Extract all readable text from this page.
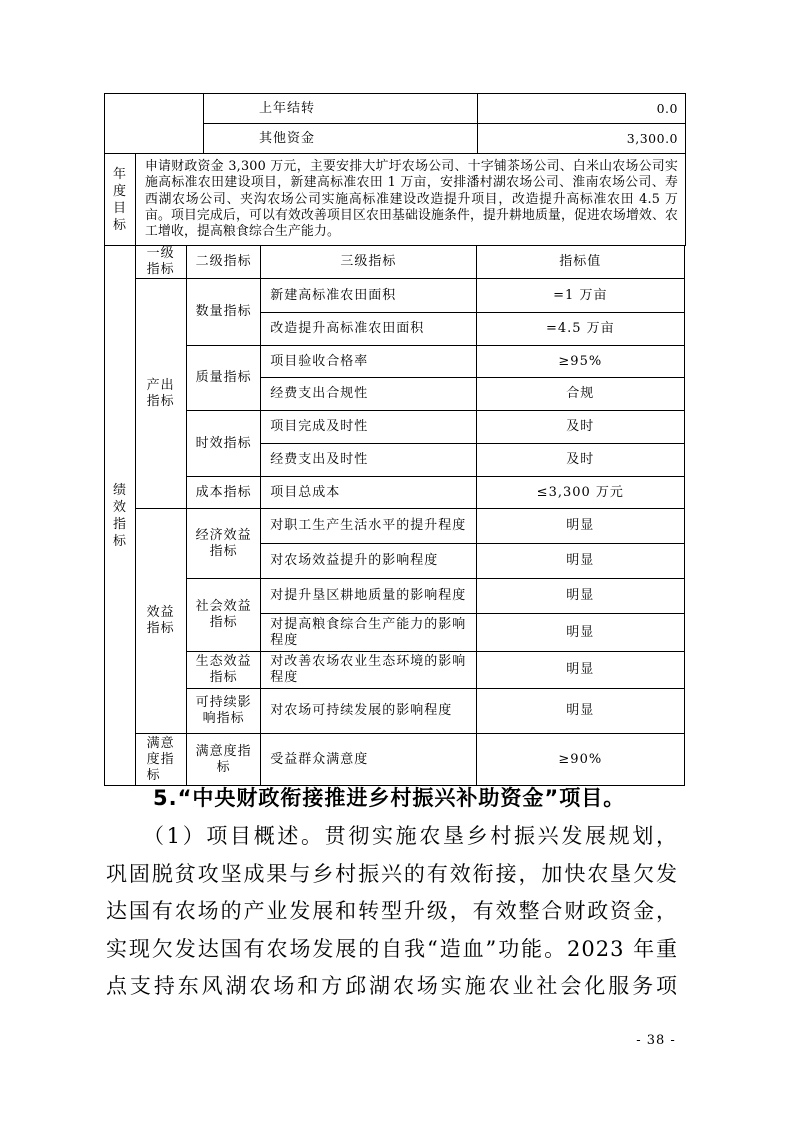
	上年结转	0.0
	其他资金	3,300.0
年度目标

申请财政资金 3,300 万元，主要安排大圹圩农场公司、十字铺茶场公司、白米山农场公司实施高标准农田建设项目，新建高标准农田 1 万亩，安排潘村湖农场公司、淮南农场公司、寿西湖农场公司、夹沟农场公司实施高标准建设改造提升项目，改造提升高标准农田 4.5 万亩。项目完成后，可以有效改善项目区农田基础设施条件，提升耕地质量，促进农场增效、农工增收，提高粮食综合生产能力。
绩效指标	一级指标	二级指标	三级指标	指标值
	产出指标	数量指标	新建高标准农田面积	=1 万亩
			改造提升高标准农田面积	=4.5 万亩
		质量指标	项目验收合格率	≥95%
			经费支出合规性	合规
		时效指标	项目完成及时性	及时
			经费支出及时性	及时
		成本指标	项目总成本	≤3,300 万元
	效益指标	经济效益指标	对职工生产生活水平的提升程度	明显
			对农场效益提升的影响程度	明显
		社会效益指标	对提升垦区耕地质量的影响程度	明显
			对提高粮食综合生产能力的影响程度	明显
		生态效益指标	对改善农场农业生态环境的影响程度	明显
		可持续影响指标	对农场可持续发展的影响程度	明显
	满意度指标	满意度指标	受益群众满意度	≥90%
5.“中央财政衔接推进乡村振兴补助资金”项目。
（1）项目概述。贯彻实施农垦乡村振兴发展规划，
巩固脱贫攻坚成果与乡村振兴的有效衔接，加快农垦欠发
达国有农场的产业发展和转型升级，有效整合财政资金，
实现欠发达国有农场发展的自我“造血”功能。2023 年重
点支持东风湖农场和方邱湖农场实施农业社会化服务项
- 38 -
